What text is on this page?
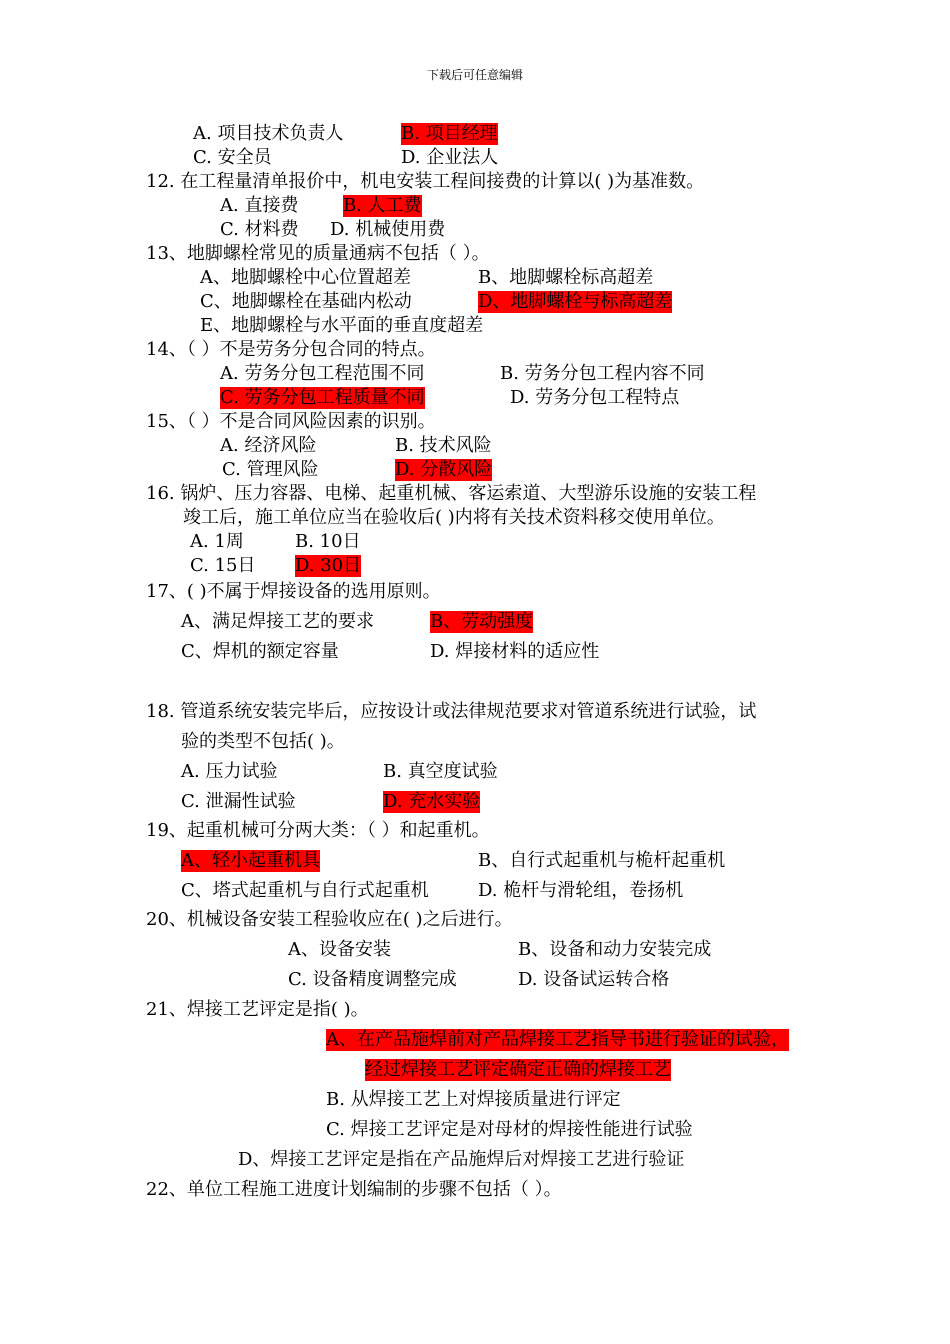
下载后可任意编辑
A. 项目技术负责人	B. 项目经理
C. 安全员	D. 企业法人
12. 在工程量清单报价中，机电安装工程间接费的计算以( )为基准数。
A. 直接费 B. 人工费
C. 材料费 D. 机械使用费
13、地脚螺栓常见的质量通病不包括（ ）。
A、地脚螺栓中心位置超差	B、地脚螺栓标高超差
C、地脚螺栓在基础内松动	D、地脚螺栓与标高超差
E、地脚螺栓与水平面的垂直度超差
14、（ ）不是劳务分包合同的特点。
A. 劳务分包工程范围不同	B. 劳务分包工程内容不同
C. 劳务分包工程质量不同	D. 劳务分包工程特点
15、（ ）不是合同风险因素的识别。
A. 经济风险	B. 技术风险
C. 管理风险	D. 分散风险
16. 锅炉、压力容器、电梯、起重机械、客运索道、大型游乐设施的安装工程
竣工后，施工单位应当在验收后( )内将有关技术资料移交使用单位。
A. 1周	B. 10日
C. 15日 D. 30日
17、( )不属于焊接设备的选用原则。
A、满足焊接工艺的要求	B、劳动强度
C、焊机的额定容量	D. 焊接材料的适应性
18. 管道系统安装完毕后，应按设计或法律规范要求对管道系统进行试验，试
验的类型不包括( )。
A. 压力试验	B. 真空度试验
C. 泄漏性试验	D. 充水实验
19、起重机械可分两大类：（ ）和起重机。
A、轻小起重机具	B、自行式起重机与桅杆起重机
C、塔式起重机与自行式起重机	D. 桅杆与滑轮组，卷扬机
20、机械设备安装工程验收应在( )之后进行。
A、设备安装	B、设备和动力安装完成
C. 设备精度调整完成	D. 设备试运转合格
21、焊接工艺评定是指( )。
A、在产品施焊前对产品焊接工艺指导书进行验证的试验，
经过焊接工艺评定确定正确的焊接工艺
B. 从焊接工艺上对焊接质量进行评定
C. 焊接工艺评定是对母材的焊接性能进行试验
D、焊接工艺评定是指在产品施焊后对焊接工艺进行验证
22、单位工程施工进度计划编制的步骤不包括（ ）。
